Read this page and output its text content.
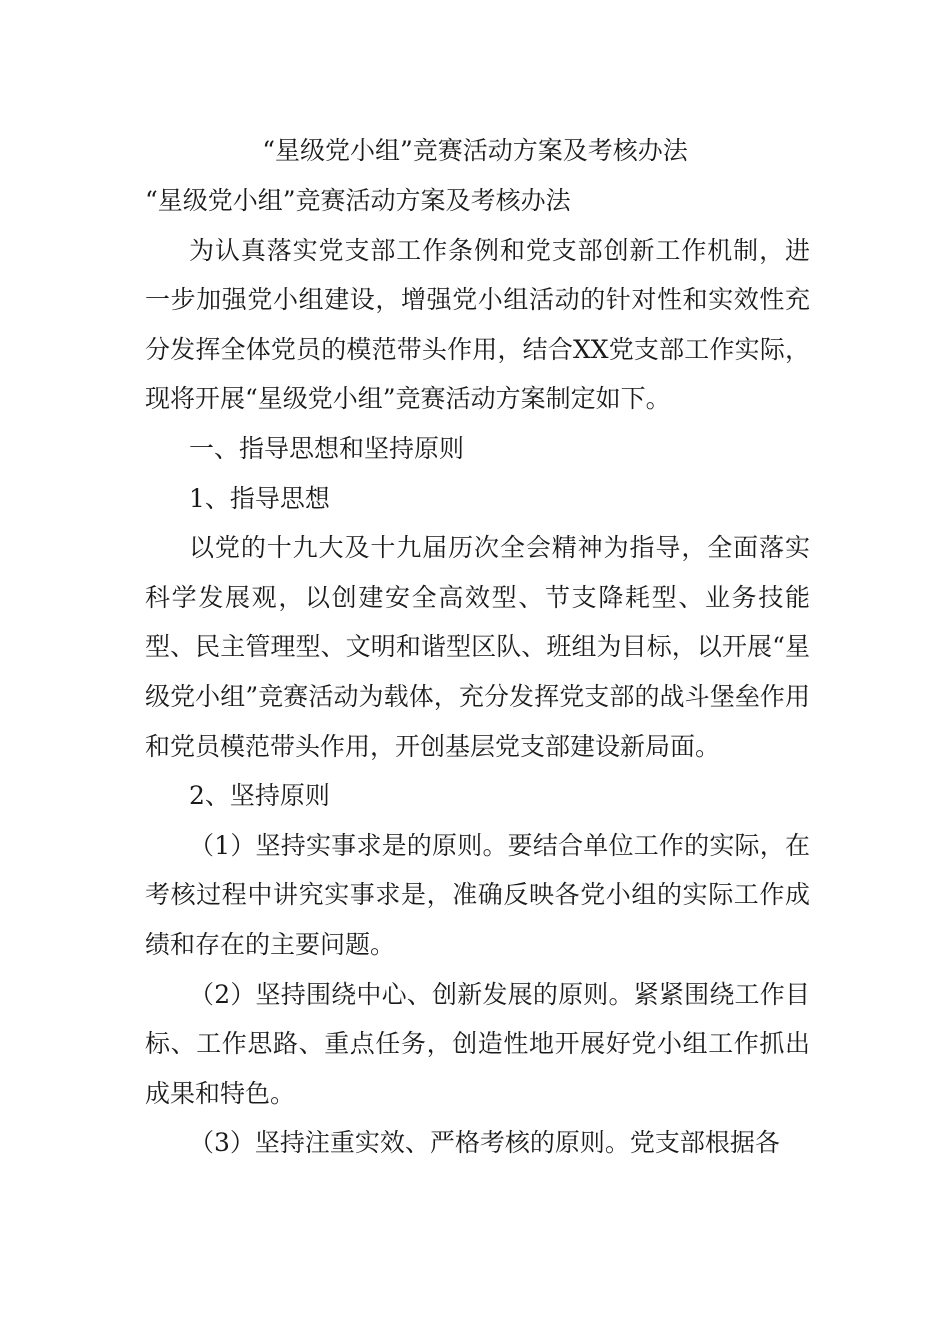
“星级党小组”竞赛活动方案及考核办法

“星级党小组”竞赛活动方案及考核办法

为认真落实党支部工作条例和党支部创新工作机制，进一步加强党小组建设，增强党小组活动的针对性和实效性充分发挥全体党员的模范带头作用，结合XX党支部工作实际，现将开展“星级党小组”竞赛活动方案制定如下。

一、指导思想和坚持原则

1、指导思想

以党的十九大及十九届历次全会精神为指导，全面落实科学发展观，以创建安全高效型、节支降耗型、业务技能型、民主管理型、文明和谐型区队、班组为目标，以开展“星级党小组”竞赛活动为载体，充分发挥党支部的战斗堡垒作用和党员模范带头作用，开创基层党支部建设新局面。

2、坚持原则

（1）坚持实事求是的原则。要结合单位工作的实际，在考核过程中讲究实事求是，准确反映各党小组的实际工作成绩和存在的主要问题。

（2）坚持围绕中心、创新发展的原则。紧紧围绕工作目标、工作思路、重点任务，创造性地开展好党小组工作抓出成果和特色。

（3）坚持注重实效、严格考核的原则。党支部根据各
